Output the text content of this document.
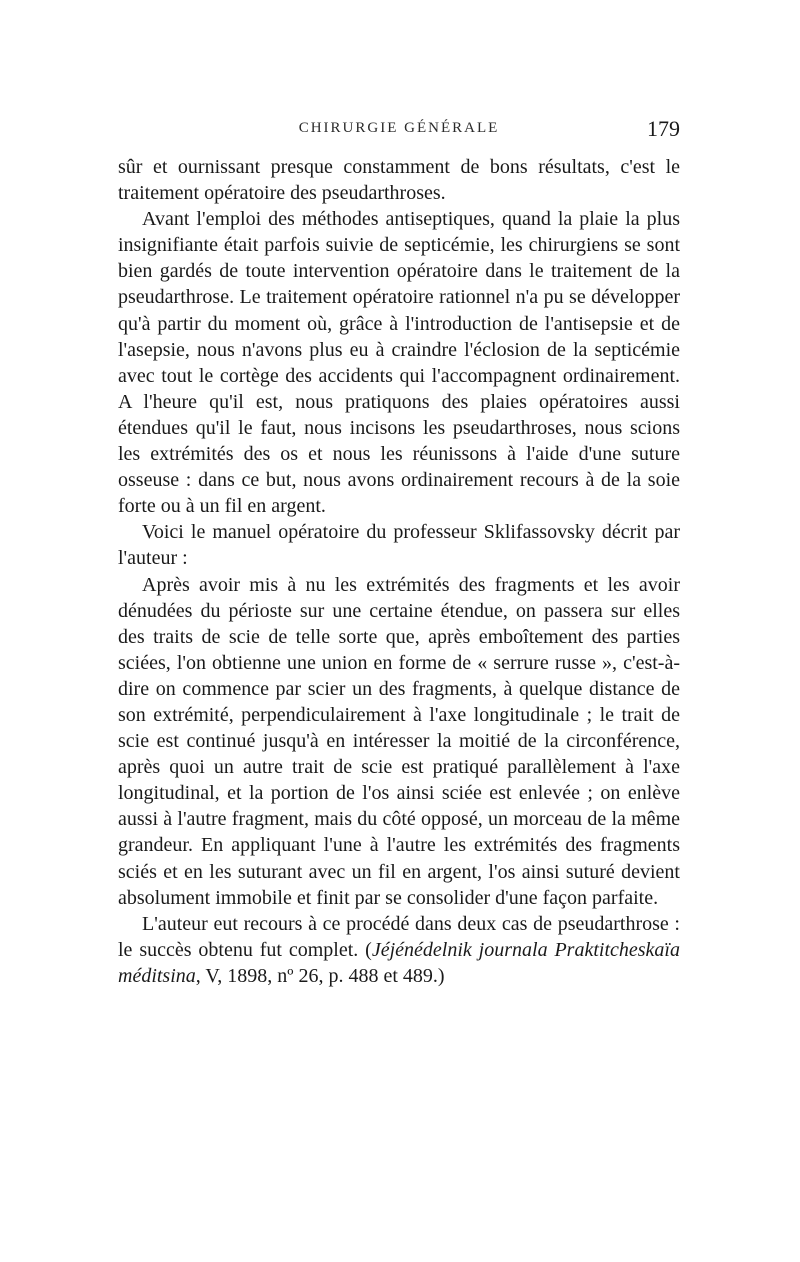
CHIRURGIE GÉNÉRALE	179

sûr et ournissant presque constamment de bons résultats, c'est le traitement opératoire des pseudarthroses.

Avant l'emploi des méthodes antiseptiques, quand la plaie la plus insignifiante était parfois suivie de septicémie, les chirurgiens se sont bien gardés de toute intervention opératoire dans le traitement de la pseudarthrose. Le traitement opératoire rationnel n'a pu se développer qu'à partir du moment où, grâce à l'introduction de l'antisepsie et de l'asepsie, nous n'avons plus eu à craindre l'éclosion de la septicémie avec tout le cortège des accidents qui l'accompagnent ordinairement. A l'heure qu'il est, nous pratiquons des plaies opératoires aussi étendues qu'il le faut, nous incisons les pseudarthroses, nous scions les extrémités des os et nous les réunissons à l'aide d'une suture osseuse : dans ce but, nous avons ordinairement recours à de la soie forte ou à un fil en argent.

Voici le manuel opératoire du professeur Sklifassovsky décrit par l'auteur :

Après avoir mis à nu les extrémités des fragments et les avoir dénudées du périoste sur une certaine étendue, on passera sur elles des traits de scie de telle sorte que, après emboîtement des parties sciées, l'on obtienne une union en forme de « serrure russe », c'est-à-dire on commence par scier un des fragments, à quelque distance de son extrémité, perpendiculairement à l'axe longitudinale ; le trait de scie est continué jusqu'à en intéresser la moitié de la circonférence, après quoi un autre trait de scie est pratiqué parallèlement à l'axe longitudinal, et la portion de l'os ainsi sciée est enlevée ; on enlève aussi à l'autre fragment, mais du côté opposé, un morceau de la même grandeur. En appliquant l'une à l'autre les extrémités des fragments sciés et en les suturant avec un fil en argent, l'os ainsi suturé devient absolument immobile et finit par se consolider d'une façon parfaite.

L'auteur eut recours à ce procédé dans deux cas de pseudarthrose : le succès obtenu fut complet. (Jéjénédelnik journala Praktitcheskaïa méditsina, V, 1898, nº 26, p. 488 et 489.)
